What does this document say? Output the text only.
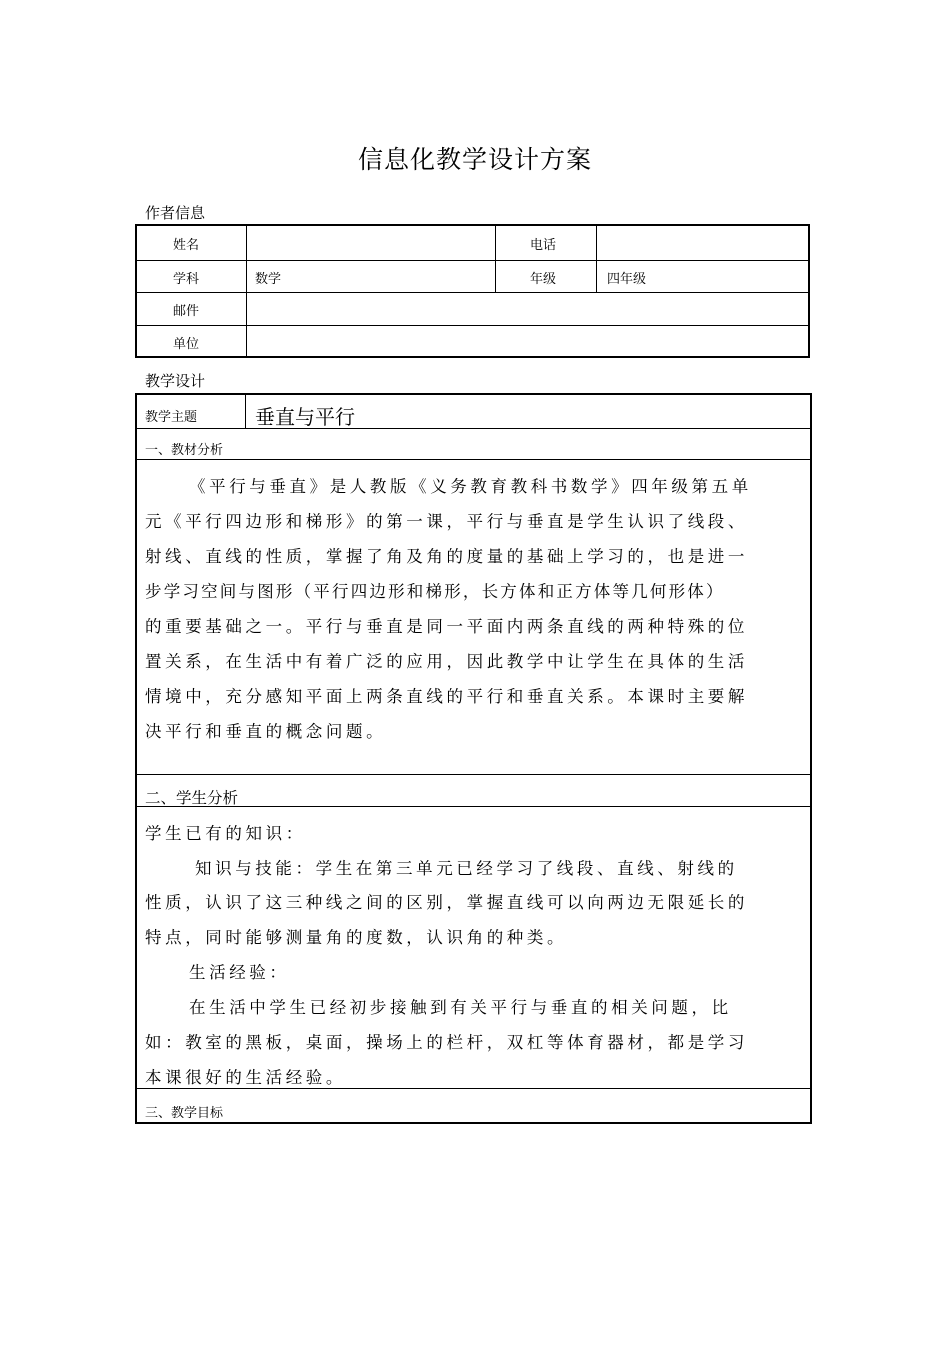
信息化教学设计方案
作者信息
姓名	电话
学科	数学	年级	四年级
邮件
单位
教学设计
教学主题	垂直与平行
一、教材分析
《平行与垂直》是人教版《义务教育教科书数学》四年级第五单
元《平行四边形和梯形》的第一课，平行与垂直是学生认识了线段、
射线、直线的性质，掌握了角及角的度量的基础上学习的，也是进一
步学习空间与图形（平行四边形和梯形，长方体和正方体等几何形体）
的重要基础之一。平行与垂直是同一平面内两条直线的两种特殊的位
置关系，在生活中有着广泛的应用，因此教学中让学生在具体的生活
情境中，充分感知平面上两条直线的平行和垂直关系。本课时主要解
决平行和垂直的概念问题。
二、学生分析
学生已有的知识：
知识与技能：学生在第三单元已经学习了线段、直线、射线的
性质，认识了这三种线之间的区别，掌握直线可以向两边无限延长的
特点，同时能够测量角的度数，认识角的种类。
生活经验：
在生活中学生已经初步接触到有关平行与垂直的相关问题，比
如：教室的黑板，桌面，操场上的栏杆，双杠等体育器材，都是学习
本课很好的生活经验。
三、教学目标
